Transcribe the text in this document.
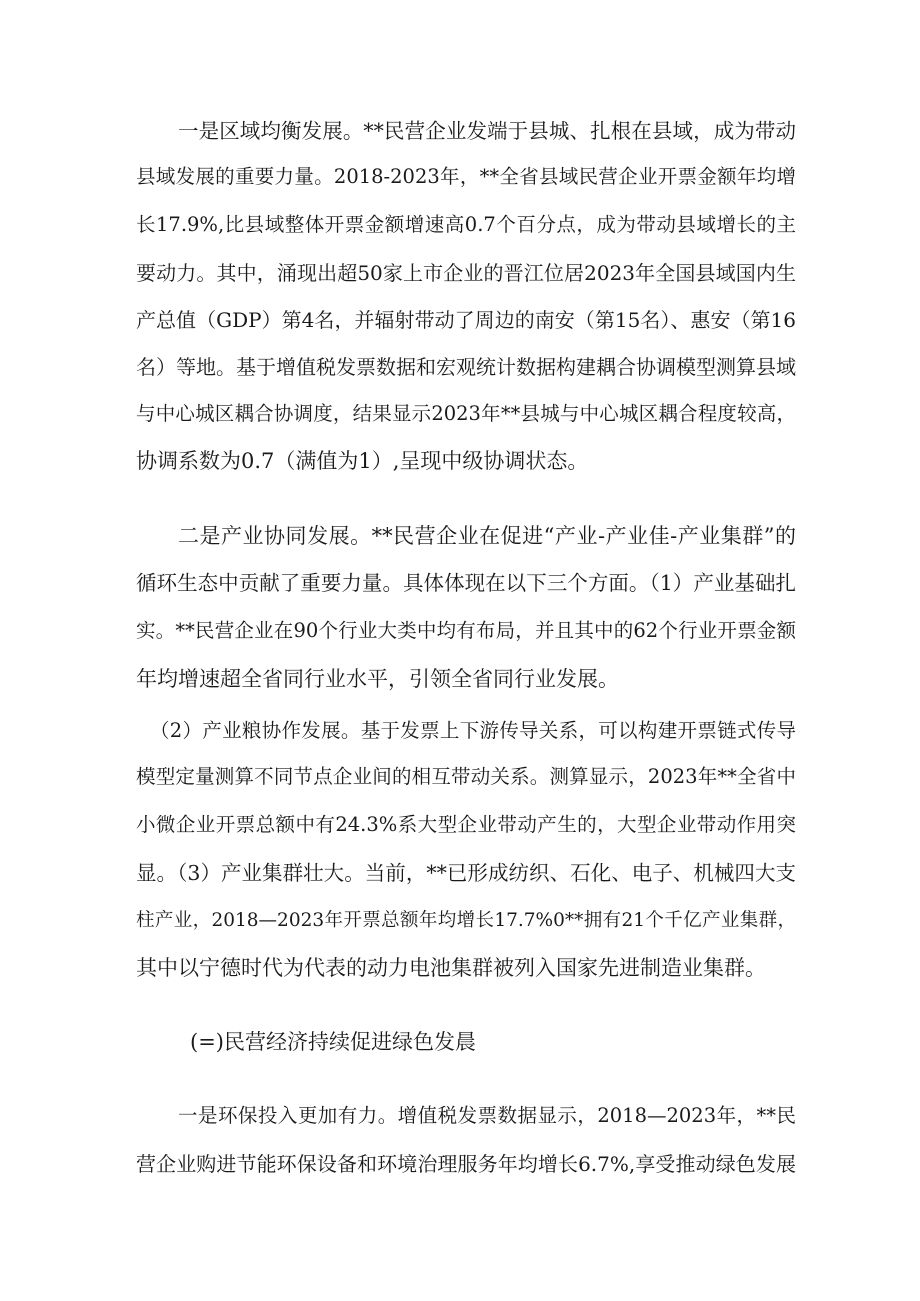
一是区域均衡发展。**民营企业发端于县城、扎根在县域，成为带动
县域发展的重要力量。2018-2023年，**全省县域民营企业开票金额年均增
长17.9%,比县域整体开票金额增速高0.7个百分点，成为带动县域增长的主
要动力。其中，涌现出超50家上市企业的晋江位居2023年全国县域国内生
产总值（GDP）第4名，并辐射带动了周边的南安（第15名）、惠安（第16
名）等地。基于增值税发票数据和宏观统计数据构建耦合协调模型测算县域
与中心城区耦合协调度，结果显示2023年**县城与中心城区耦合程度较高，
协调系数为0.7（满值为1）,呈现中级协调状态。
二是产业协同发展。**民营企业在促进“产业-产业佳-产业集群”的
循环生态中贡献了重要力量。具体体现在以下三个方面。（1）产业基础扎
实。**民营企业在90个行业大类中均有布局，并且其中的62个行业开票金额
年均增速超全省同行业水平，引领全省同行业发展。
（2）产业粮协作发展。基于发票上下游传导关系，可以构建开票链式传导
模型定量测算不同节点企业间的相互带动关系。测算显示，2023年**全省中
小微企业开票总额中有24.3%系大型企业带动产生的，大型企业带动作用突
显。（3）产业集群壮大。当前，**已形成纺织、石化、电子、机械四大支
柱产业，2018—2023年开票总额年均增长17.7%0**拥有21个千亿产业集群，
其中以宁德时代为代表的动力电池集群被列入国家先进制造业集群。
(=)民营经济持续促进绿色发晨
一是环保投入更加有力。增值税发票数据显示，2018—2023年，**民
营企业购进节能环保设备和环境治理服务年均增长6.7%,享受推动绿色发展
